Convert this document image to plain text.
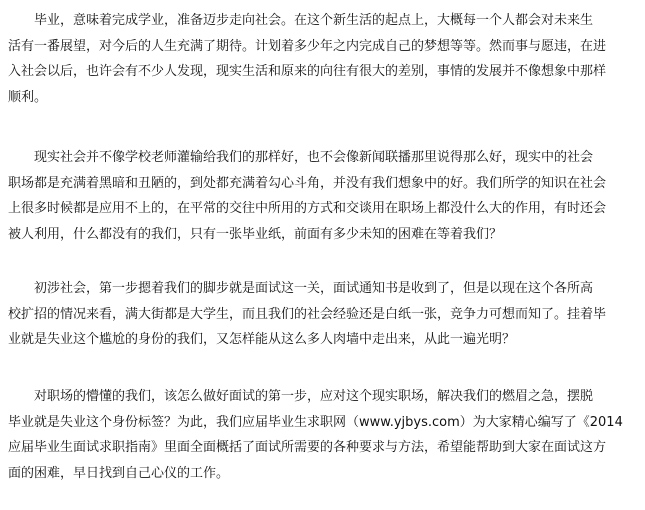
　　毕业，意味着完成学业，准备迈步走向社会。在这个新生活的起点上，大概每一个人都会对未来生
活有一番展望，对今后的人生充满了期待。计划着多少年之内完成自己的梦想等等。然而事与愿违，在进
入社会以后，也许会有不少人发现，现实生活和原来的向往有很大的差别，事情的发展并不像想象中那样
顺利。

　　现实社会并不像学校老师灌输给我们的那样好，也不会像新闻联播那里说得那么好，现实中的社会
职场都是充满着黑暗和丑陋的，到处都充满着勾心斗角，并没有我们想象中的好。我们所学的知识在社会
上很多时候都是应用不上的，在平常的交往中所用的方式和交谈用在职场上都没什么大的作用，有时还会
被人利用，什么都没有的我们，只有一张毕业纸，前面有多少未知的困难在等着我们？

　　初涉社会，第一步摁着我们的脚步就是面试这一关，面试通知书是收到了，但是以现在这个各所高
校扩招的情况来看，满大街都是大学生，而且我们的社会经验还是白纸一张，竞争力可想而知了。挂着毕
业就是失业这个尴尬的身份的我们，又怎样能从这么多人肉墙中走出来，从此一遍光明？

　　对职场的懵懂的我们，该怎么做好面试的第一步，应对这个现实职场，解决我们的燃眉之急，摆脱
毕业就是失业这个身份标签？为此，我们应届毕业生求职网（www.yjbys.com）为大家精心编写了《2014
应届毕业生面试求职指南》里面全面概括了面试所需要的各种要求与方法，希望能帮助到大家在面试这方
面的困难，早日找到自己心仪的工作。
